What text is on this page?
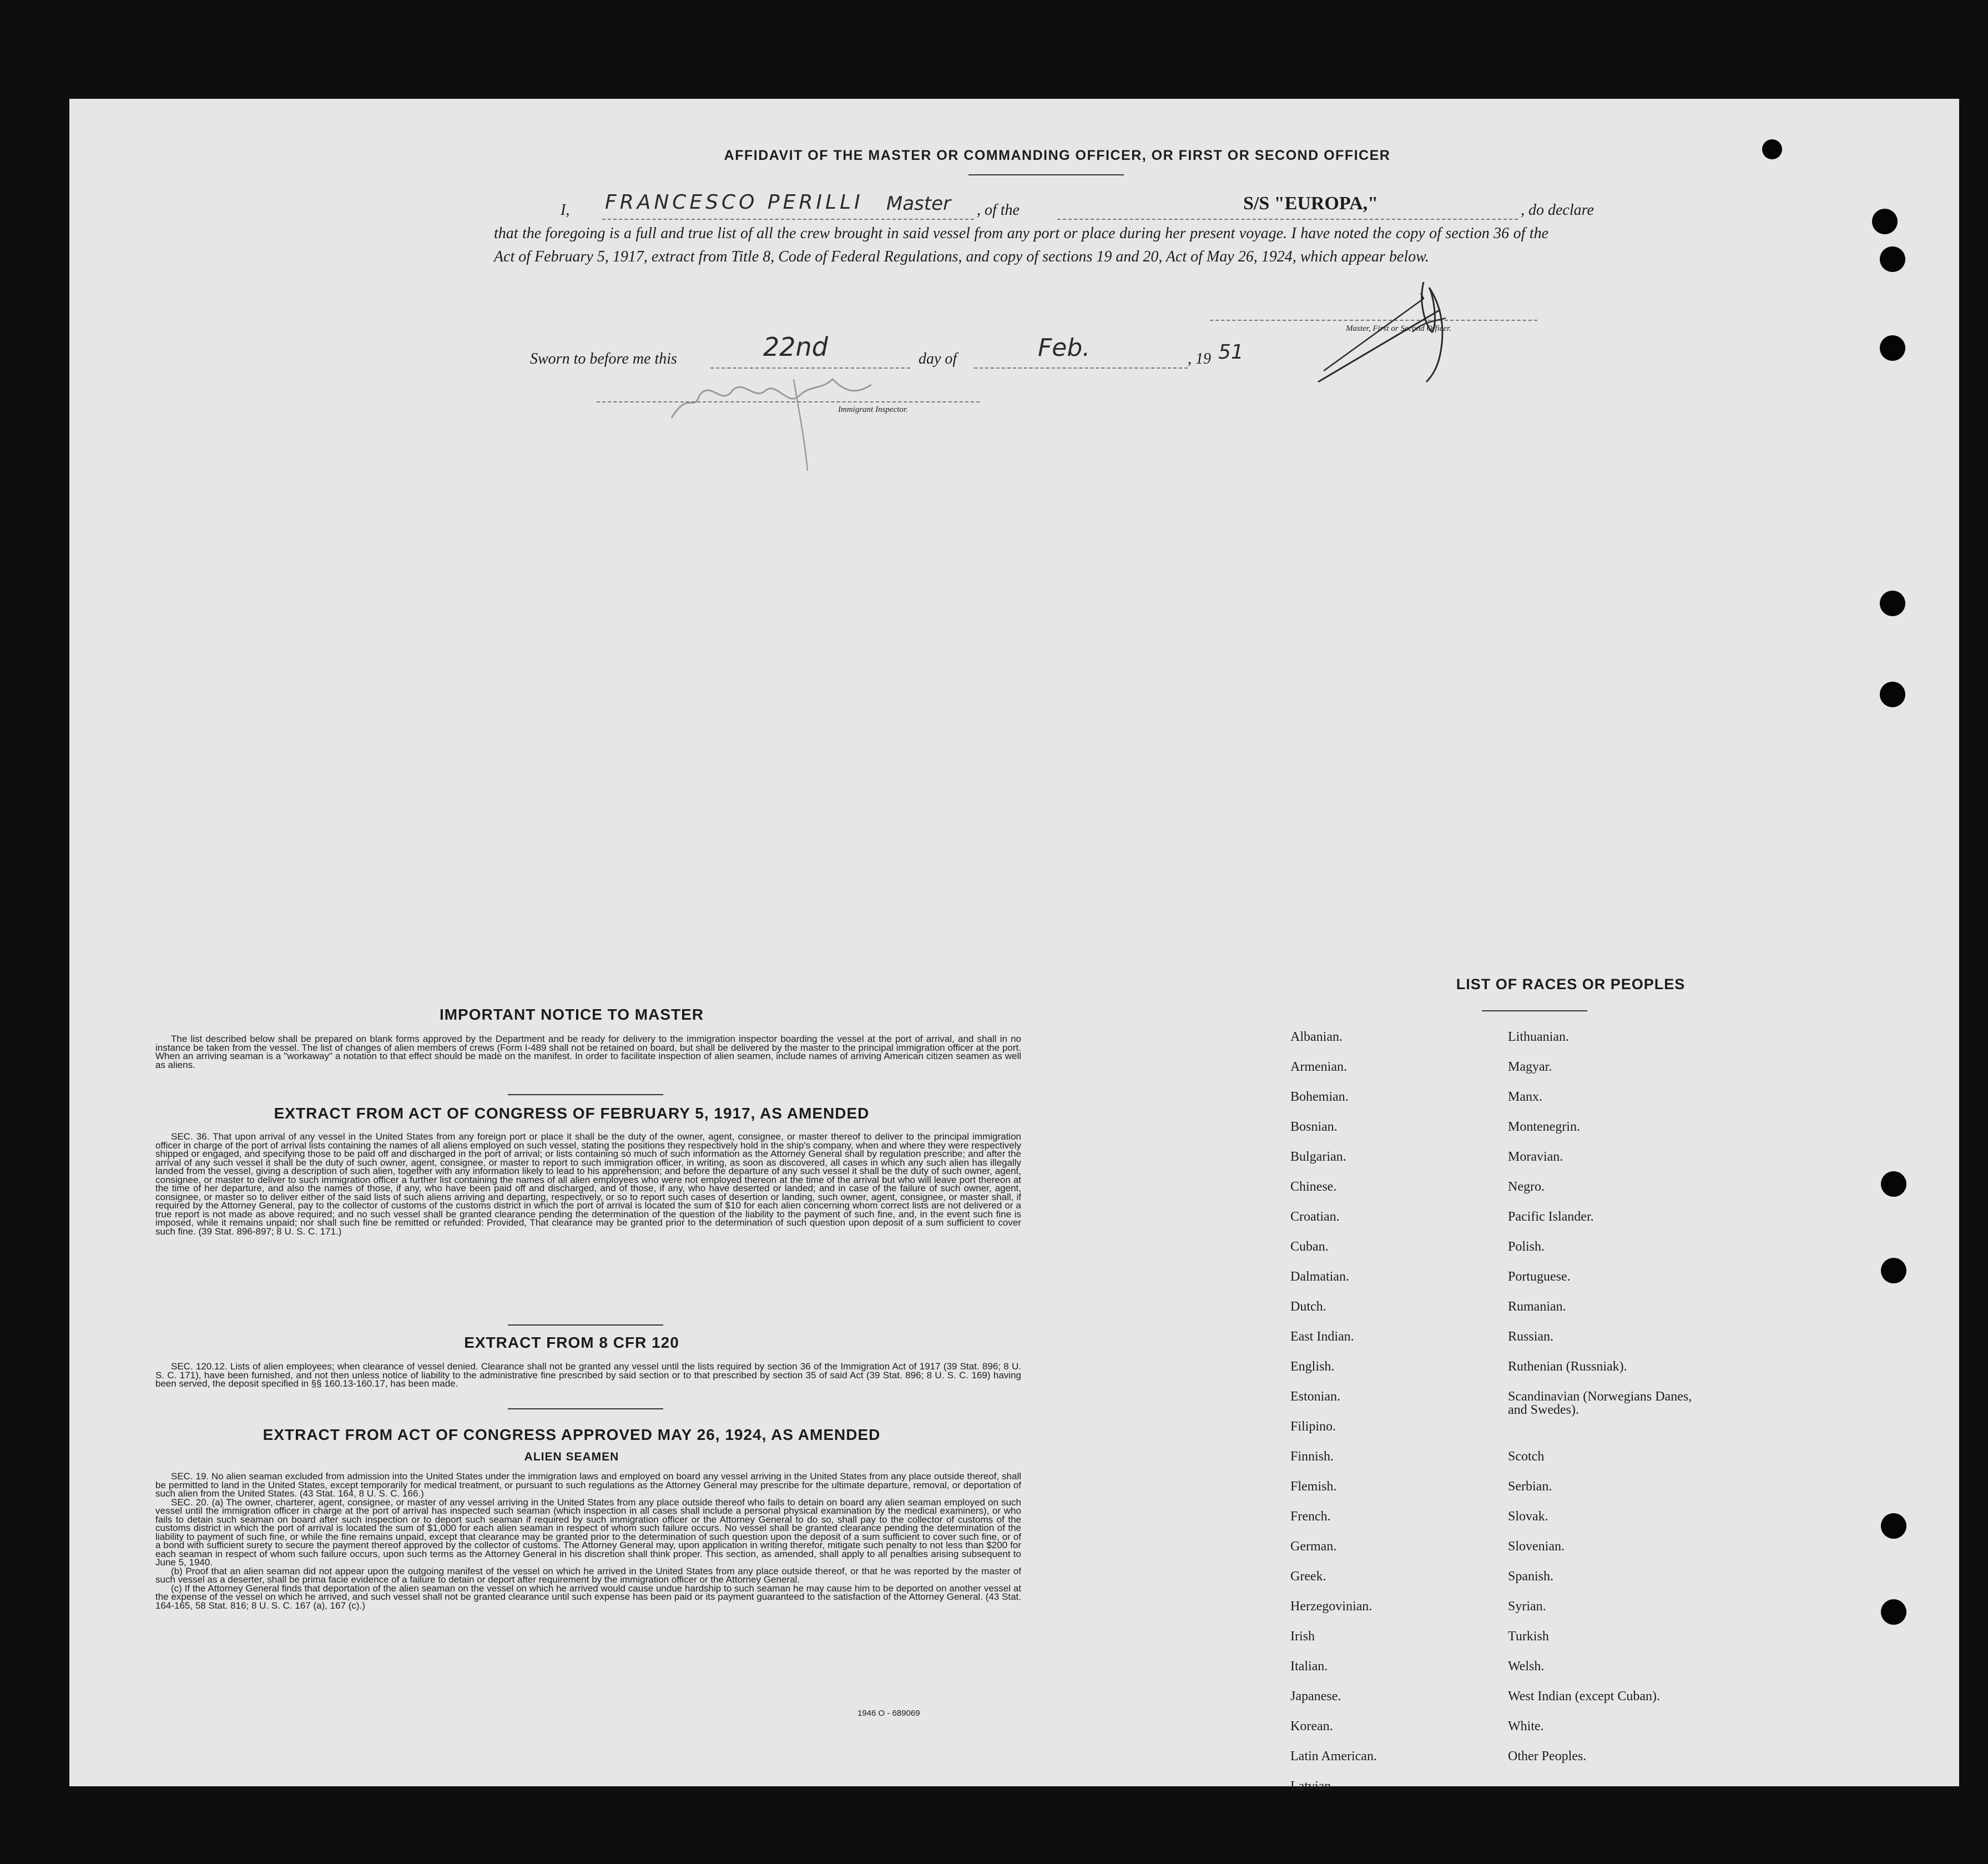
AFFIDAVIT OF THE MASTER OR COMMANDING OFFICER, OR FIRST OR SECOND OFFICER
I, FRANCESCO PERILLI Master , of the	S/S "EUROPA,"	, do declare
that the foregoing is a full and true list of all the crew brought in said vessel from any port or place during her present voyage. I have noted the copy of section 36 of the Act of February 5, 1917, extract from Title 8, Code of Federal Regulations, and copy of sections 19 and 20, Act of May 26, 1924, which appear below.
Master, First or Second Officer.
Sworn to before me this	22nd	day of	Feb.	, 19 51
Immigrant Inspector.
IMPORTANT NOTICE TO MASTER

The list described below shall be prepared on blank forms approved by the Department and be ready for delivery to the immigration inspector boarding the vessel at the port of arrival, and shall in no instance be taken from the vessel. The list of changes of alien members of crews (Form I-489 shall not be retained on board, but shall be delivered by the master to the principal immigration officer at the port. When an arriving seaman is a "workaway" a notation to that effect should be made on the manifest. In order to facilitate inspection of alien seamen, include names of arriving American citizen seamen as well as aliens.

EXTRACT FROM ACT OF CONGRESS OF FEBRUARY 5, 1917, AS AMENDED

SEC. 36. That upon arrival of any vessel in the United States from any foreign port or place it shall be the duty of the owner, agent, consignee, or master thereof to deliver to the principal immigration officer in charge of the port of arrival lists containing the names of all aliens employed on such vessel, stating the positions they respectively hold in the ship's company, when and where they were respectively shipped or engaged, and specifying those to be paid off and discharged in the port of arrival; or lists containing so much of such information as the Attorney General shall by regulation prescribe; and after the arrival of any such vessel it shall be the duty of such owner, agent, consignee, or master to report to such immigration officer, in writing, as soon as discovered, all cases in which any such alien has illegally landed from the vessel, giving a description of such alien, together with any information likely to lead to his apprehension; and before the departure of any such vessel it shall be the duty of such owner, agent, consignee, or master to deliver to such immigration officer a further list containing the names of all alien employees who were not employed thereon at the time of the arrival but who will leave port thereon at the time of her departure, and also the names of those, if any, who have been paid off and discharged, and of those, if any, who have deserted or landed; and in case of the failure of such owner, agent, consignee, or master so to deliver either of the said lists of such aliens arriving and departing, respectively, or so to report such cases of desertion or landing, such owner, agent, consignee, or master shall, if required by the Attorney General, pay to the collector of customs of the customs district in which the port of arrival is located the sum of $10 for each alien concerning whom correct lists are not delivered or a true report is not made as above required; and no such vessel shall be granted clearance pending the determination of the question of the liability to the payment of such fine, and, in the event such fine is imposed, while it remains unpaid; nor shall such fine be remitted or refunded: Provided, That clearance may be granted prior to the determination of such question upon deposit of a sum sufficient to cover such fine. (39 Stat. 896-897; 8 U. S. C. 171.)

EXTRACT FROM 8 CFR 120

SEC. 120.12. Lists of alien employees; when clearance of vessel denied. Clearance shall not be granted any vessel until the lists required by section 36 of the Immigration Act of 1917 (39 Stat. 896; 8 U. S. C. 171), have been furnished, and not then unless notice of liability to the administrative fine prescribed by said section or to that prescribed by section 35 of said Act (39 Stat. 896; 8 U. S. C. 169) having been served, the deposit specified in §§ 160.13-160.17, has been made.

EXTRACT FROM ACT OF CONGRESS APPROVED MAY 26, 1924, AS AMENDED
ALIEN SEAMEN

SEC. 19. No alien seaman excluded from admission into the United States under the immigration laws and employed on board any vessel arriving in the United States from any place outside thereof, shall be permitted to land in the United States, except temporarily for medical treatment, or pursuant to such regulations as the Attorney General may prescribe for the ultimate departure, removal, or deportation of such alien from the United States. (43 Stat. 164, 8 U. S. C. 166.)

SEC. 20. (a) The owner, charterer, agent, consignee, or master of any vessel arriving in the United States from any place outside thereof who fails to detain on board any alien seaman employed on such vessel until the immigration officer in charge at the port of arrival has inspected such seaman (which inspection in all cases shall include a personal physical examination by the medical examiners), or who fails to detain such seaman on board after such inspection or to deport such seaman if required by such immigration officer or the Attorney General to do so, shall pay to the collector of customs of the customs district in which the port of arrival is located the sum of $1,000 for each alien seaman in respect of whom such failure occurs. No vessel shall be granted clearance pending the determination of the liability to payment of such fine, or while the fine remains unpaid, except that clearance may be granted prior to the determination of such question upon the deposit of a sum sufficient to cover such fine, or of a bond with sufficient surety to secure the payment thereof approved by the collector of customs. The Attorney General may, upon application in writing therefor, mitigate such penalty to not less than $200 for each seaman in respect of whom such failure occurs, upon such terms as the Attorney General in his discretion shall think proper. This section, as amended, shall apply to all penalties arising subsequent to June 5, 1940.

(b) Proof that an alien seaman did not appear upon the outgoing manifest of the vessel on which he arrived in the United States from any place outside thereof, or that he was reported by the master of such vessel as a deserter, shall be prima facie evidence of a failure to detain or deport after requirement by the immigration officer or the Attorney General.

(c) If the Attorney General finds that deportation of the alien seaman on the vessel on which he arrived would cause undue hardship to such seaman he may cause him to be deported on another vessel at the expense of the vessel on which he arrived, and such vessel shall not be granted clearance until such expense has been paid or its payment guaranteed to the satisfaction of the Attorney General. (43 Stat. 164-165, 58 Stat. 816; 8 U. S. C. 167 (a), 167 (c).)

1946 O - 689069
LIST OF RACES OR PEOPLES
Albanian.
Armenian.
Bohemian.
Bosnian.
Bulgarian.
Chinese.
Croatian.
Cuban.
Dalmatian.
Dutch.
East Indian.
English.
Estonian.
Filipino.
Finnish.
Flemish.
French.
German.
Greek.
Herzegovinian.
Irish
Italian.
Japanese.
Korean.
Latin American.
Latvian.
Lithuanian.
Magyar.
Manx.
Montenegrin.
Moravian.
Negro.
Pacific Islander.
Polish.
Portuguese.
Rumanian.
Russian.
Ruthenian (Russniak).
Scandinavian (Norwegians Danes, and Swedes).
Scotch
Serbian.
Slovak.
Slovenian.
Spanish.
Syrian.
Turkish
Welsh.
West Indian (except Cuban).
White.
Other Peoples.
